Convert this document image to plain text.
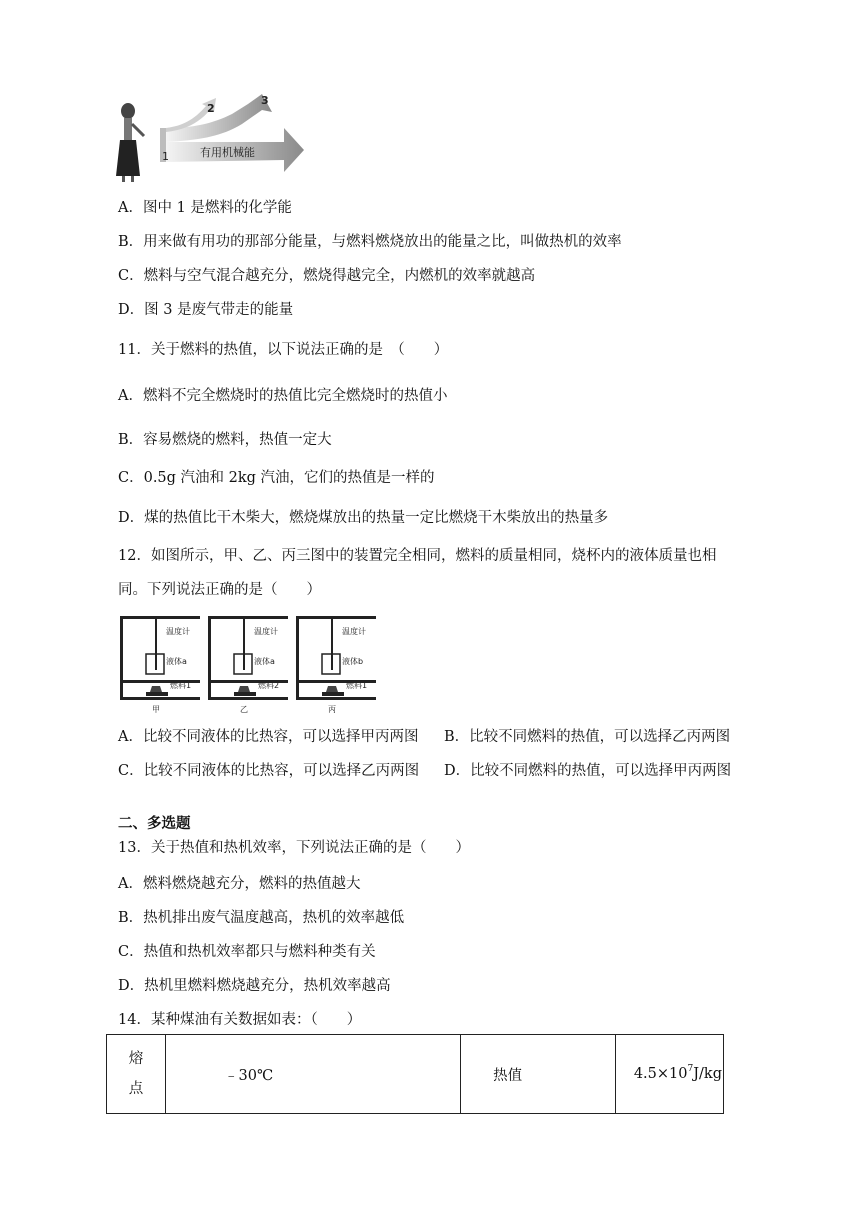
1
2
3
有用机械能
A．图中 1 是燃料的化学能
B．用来做有用功的那部分能量，与燃料燃烧放出的能量之比，叫做热机的效率
C．燃料与空气混合越充分，燃烧得越完全，内燃机的效率就越高
D．图 3 是废气带走的能量
11．关于燃料的热值，以下说法正确的是　（　　）
A．燃料不完全燃烧时的热值比完全燃烧时的热值小
B．容易燃烧的燃料，热值一定大
C．0.5g 汽油和 2kg 汽油，它们的热值是一样的
D．煤的热值比干木柴大，燃烧煤放出的热量一定比燃烧干木柴放出的热量多
12．如图所示，甲、乙、丙三图中的装置完全相同，燃料的质量相同，烧杯内的液体质量也相
同。下列说法正确的是（　　）
温度计
液体a
燃料1
甲
温度计
液体a
燃料2
乙
温度计
液体b
燃料1
丙
A．比较不同液体的比热容，可以选择甲丙两图 B．比较不同燃料的热值，可以选择乙丙两图
C．比较不同液体的比热容，可以选择乙丙两图 D．比较不同燃料的热值，可以选择甲丙两图
二、多选题
13．关于热值和热机效率，下列说法正确的是（　　）
A．燃料燃烧越充分，燃料的热值越大
B．热机排出废气温度越高，热机的效率越低
C．热值和热机效率都只与燃料种类有关
D．热机里燃料燃烧越充分，热机效率越高
14．某种煤油有关数据如表：（　　）
熔
点
	﹣30℃	热值	$4.5\times 10^7J/kg$
